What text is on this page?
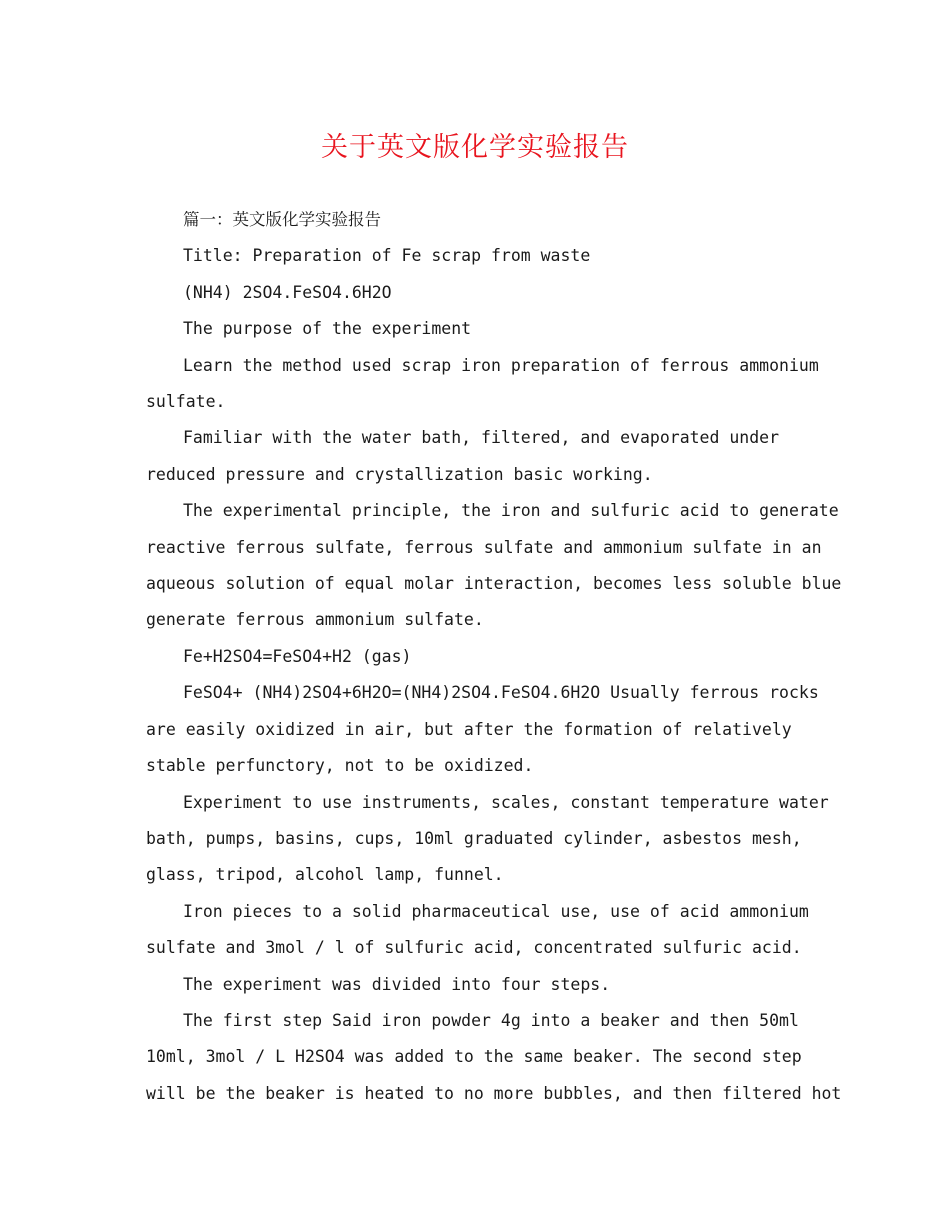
关于英文版化学实验报告
篇一：英文版化学实验报告
Title: Preparation of Fe scrap from waste
(NH4) 2SO4.FeSO4.6H2O
The purpose of the experiment
Learn the method used scrap iron preparation of ferrous ammonium
sulfate.
Familiar with the water bath, filtered, and evaporated under
reduced pressure and crystallization basic working.
The experimental principle, the iron and sulfuric acid to generate
reactive ferrous sulfate, ferrous sulfate and ammonium sulfate in an
aqueous solution of equal molar interaction, becomes less soluble blue
generate ferrous ammonium sulfate.
Fe+H2SO4=FeSO4+H2 (gas)
FeSO4+ (NH4)2SO4+6H2O=(NH4)2SO4.FeSO4.6H2O Usually ferrous rocks
are easily oxidized in air, but after the formation of relatively
stable perfunctory, not to be oxidized.
Experiment to use instruments, scales, constant temperature water
bath, pumps, basins, cups, 10ml graduated cylinder, asbestos mesh,
glass, tripod, alcohol lamp, funnel.
Iron pieces to a solid pharmaceutical use, use of acid ammonium
sulfate and 3mol / l of sulfuric acid, concentrated sulfuric acid.
The experiment was divided into four steps.
The first step Said iron powder 4g into a beaker and then 50ml
10ml, 3mol / L H2SO4 was added to the same beaker. The second step
will be the beaker is heated to no more bubbles, and then filtered hot
